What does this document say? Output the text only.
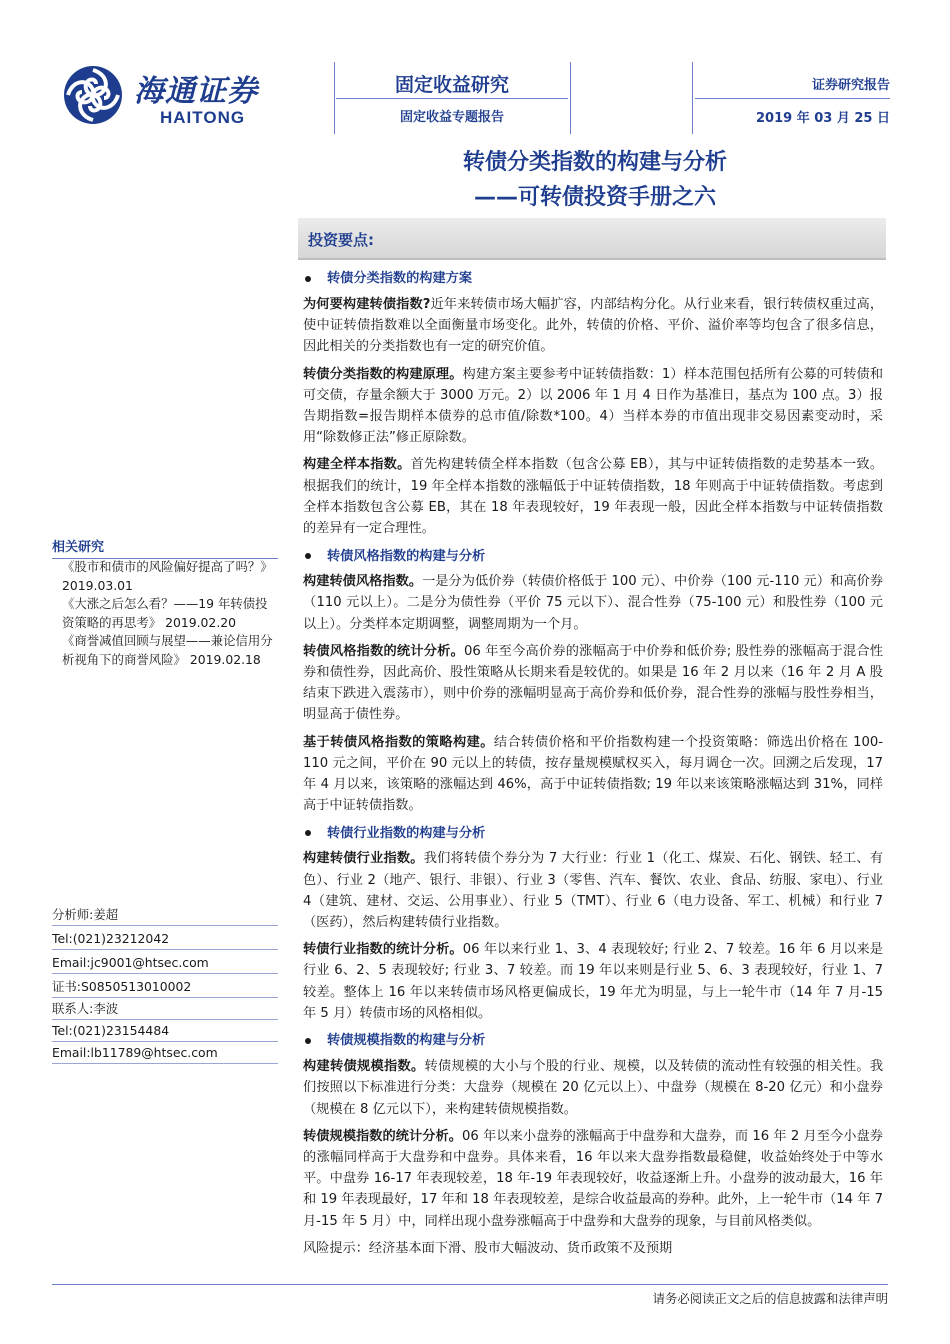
海通证券
HAITONG
固定收益研究
固定收益专题报告
证券研究报告
2019 年 03 月 25 日
转债分类指数的构建与分析
——可转债投资手册之六
投资要点:
转债分类指数的构建方案

为何要构建转债指数?近年来转债市场大幅扩容，内部结构分化。从行业来看，银行转债权重过高，使中证转债指数难以全面衡量市场变化。此外，转债的价格、平价、溢价率等均包含了很多信息，因此相关的分类指数也有一定的研究价值。

转债分类指数的构建原理。构建方案主要参考中证转债指数：1）样本范围包括所有公募的可转债和可交债，存量余额大于 3000 万元。2）以 2006 年 1 月 4 日作为基准日，基点为 100 点。3）报告期指数=报告期样本债券的总市值/除数*100。4）当样本券的市值出现非交易因素变动时，采用“除数修正法”修正原除数。

构建全样本指数。首先构建转债全样本指数（包含公募 EB），其与中证转债指数的走势基本一致。根据我们的统计，19 年全样本指数的涨幅低于中证转债指数，18 年则高于中证转债指数。考虑到全样本指数包含公募 EB，其在 18 年表现较好，19 年表现一般，因此全样本指数与中证转债指数的差异有一定合理性。

转债风格指数的构建与分析

构建转债风格指数。一是分为低价券（转债价格低于 100 元）、中价券（100 元-110 元）和高价券（110 元以上）。二是分为债性券（平价 75 元以下）、混合性券（75-100 元）和股性券（100 元以上）。分类样本定期调整，调整周期为一个月。

转债风格指数的统计分析。06 年至今高价券的涨幅高于中价券和低价券; 股性券的涨幅高于混合性券和债性券，因此高价、股性策略从长期来看是较优的。如果是 16 年 2 月以来（16 年 2 月 A 股结束下跌进入震荡市），则中价券的涨幅明显高于高价券和低价券，混合性券的涨幅与股性券相当，明显高于债性券。

基于转债风格指数的策略构建。结合转债价格和平价指数构建一个投资策略：筛选出价格在 100-110 元之间，平价在 90 元以上的转债，按存量规模赋权买入，每月调仓一次。回溯之后发现，17 年 4 月以来，该策略的涨幅达到 46%，高于中证转债指数; 19 年以来该策略涨幅达到 31%，同样高于中证转债指数。

转债行业指数的构建与分析

构建转债行业指数。我们将转债个券分为 7 大行业：行业 1（化工、煤炭、石化、钢铁、轻工、有色）、行业 2（地产、银行、非银）、行业 3（零售、汽车、餐饮、农业、食品、纺服、家电）、行业 4（建筑、建材、交运、公用事业）、行业 5（TMT）、行业 6（电力设备、军工、机械）和行业 7（医药），然后构建转债行业指数。

转债行业指数的统计分析。06 年以来行业 1、3、4 表现较好; 行业 2、7 较差。16 年 6 月以来是行业 6、2、5 表现较好; 行业 3、7 较差。而 19 年以来则是行业 5、6、3 表现较好，行业 1、7 较差。整体上 16 年以来转债市场风格更偏成长，19 年尤为明显，与上一轮牛市（14 年 7 月-15 年 5 月）转债市场的风格相似。

转债规模指数的构建与分析

构建转债规模指数。转债规模的大小与个股的行业、规模，以及转债的流动性有较强的相关性。我们按照以下标准进行分类：大盘券（规模在 20 亿元以上）、中盘券（规模在 8-20 亿元）和小盘券（规模在 8 亿元以下），来构建转债规模指数。

转债规模指数的统计分析。06 年以来小盘券的涨幅高于中盘券和大盘券，而 16 年 2 月至今小盘券的涨幅同样高于大盘券和中盘券。具体来看，16 年以来大盘券指数最稳健，收益始终处于中等水平。中盘券 16-17 年表现较差，18 年-19 年表现较好，收益逐渐上升。小盘券的波动最大，16 年和 19 年表现最好，17 年和 18 年表现较差，是综合收益最高的券种。此外，上一轮牛市（14 年 7 月-15 年 5 月）中，同样出现小盘券涨幅高于中盘券和大盘券的现象，与目前风格类似。

风险提示：经济基本面下滑、股市大幅波动、货币政策不及预期

相关研究
《股市和债市的风险偏好提高了吗？》 2019.03.01
《大涨之后怎么看？——19 年转债投资策略的再思考》 2019.02.20
《商誉减值回顾与展望——兼论信用分析视角下的商誉风险》 2019.02.18
分析师:姜超
Tel:(021)23212042
Email:jc9001@htsec.com
证书:S0850513010002
联系人:李波
Tel:(021)23154484
Email:lb11789@htsec.com
请务必阅读正文之后的信息披露和法律声明
